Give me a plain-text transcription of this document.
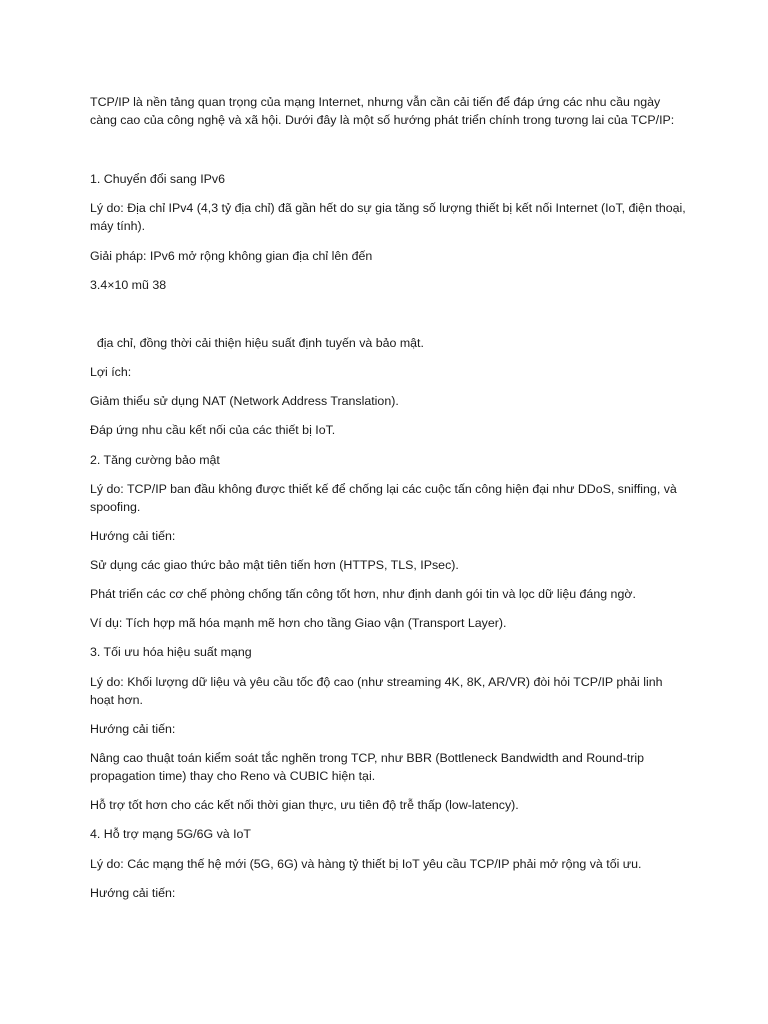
TCP/IP là nền tảng quan trọng của mạng Internet, nhưng vẫn cần cải tiến để đáp ứng các nhu cầu ngày càng cao của công nghệ và xã hội. Dưới đây là một số hướng phát triển chính trong tương lai của TCP/IP:

1. Chuyển đổi sang IPv6

Lý do: Địa chỉ IPv4 (4,3 tỷ địa chỉ) đã gần hết do sự gia tăng số lượng thiết bị kết nối Internet (IoT, điện thoại, máy tính).

Giải pháp: IPv6 mở rộng không gian địa chỉ lên đến

3.4×10 mũ 38

địa chỉ, đồng thời cải thiện hiệu suất định tuyến và bảo mật.

Lợi ích:

Giảm thiểu sử dụng NAT (Network Address Translation).

Đáp ứng nhu cầu kết nối của các thiết bị IoT.

2. Tăng cường bảo mật

Lý do: TCP/IP ban đầu không được thiết kế để chống lại các cuộc tấn công hiện đại như DDoS, sniffing, và spoofing.

Hướng cải tiến:

Sử dụng các giao thức bảo mật tiên tiến hơn (HTTPS, TLS, IPsec).

Phát triển các cơ chế phòng chống tấn công tốt hơn, như định danh gói tin và lọc dữ liệu đáng ngờ.

Ví dụ: Tích hợp mã hóa mạnh mẽ hơn cho tầng Giao vận (Transport Layer).

3. Tối ưu hóa hiệu suất mạng

Lý do: Khối lượng dữ liệu và yêu cầu tốc độ cao (như streaming 4K, 8K, AR/VR) đòi hỏi TCP/IP phải linh hoạt hơn.

Hướng cải tiến:

Nâng cao thuật toán kiểm soát tắc nghẽn trong TCP, như BBR (Bottleneck Bandwidth and Round-trip propagation time) thay cho Reno và CUBIC hiện tại.

Hỗ trợ tốt hơn cho các kết nối thời gian thực, ưu tiên độ trễ thấp (low-latency).

4. Hỗ trợ mạng 5G/6G và IoT

Lý do: Các mạng thế hệ mới (5G, 6G) và hàng tỷ thiết bị IoT yêu cầu TCP/IP phải mở rộng và tối ưu.

Hướng cải tiến:
